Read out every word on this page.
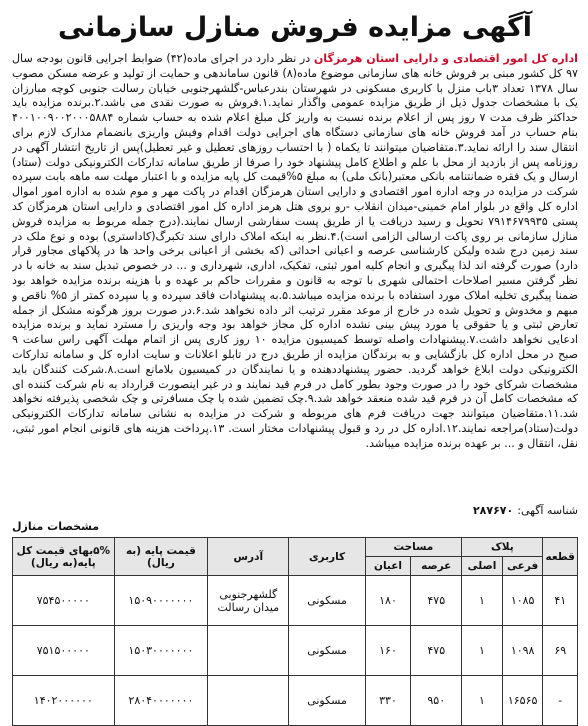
آگهی مزایده فروش منازل سازمانی

اداره کل امور اقتصادی و دارایی استان هرمزگان در نظر دارد در اجرای ماده(۴۲) ضوابط اجرایی قانون بودجه سال ۹۷ کل کشور مبنی بر فروش خانه های سازمانی موضوع ماده(۸) قانون ساماندهی و حمایت از تولید و عرضه مسکن مصوب سال ۱۳۷۸ تعداد ۳باب منزل با کاربری مسکونی در شهرستان بندرعباس-گلشهرجنوبی خیابان رسالت جنوبی کوچه مبارزان یک با مشخصات جدول ذیل از طریق مزایده عمومی واگذار نماید.۱.فروش به صورت نقدی می باشد.۲.برنده مزایده باید حداکثر ظرف مدت ۷ روز پس از اعلام برنده نسبت به واریز کل مبلغ اعلام شده به حساب شماره ۴۰۰۱۰۰۹۰۰۲۰۰۰۵۸۸۴ بنام حساب در آمد فروش خانه های سازمانی دستگاه های اجرایی دولت اقدام وفیش واریزی بانضمام مدارک لازم برای انتقال سند را ارائه نماید.۳.متقاضیان میتوانند تا یکماه ( با احتساب روزهای تعطیل و غیر تعطیل)پس از تاریخ انتشار آگهی در روزنامه پس از بازدید از محل با علم و اطلاع کامل پیشنهاد خود را صرفا از طریق سامانه تدارکات الکترونیکی دولت (ستاد) ارسال و یک فقره ضمانتنامه بانکی معتبر(بانک ملی) به مبلغ ۵%قیمت کل پایه مزایده و با اعتبار مهلت سه ماهه بابت سپرده شرکت در مزایده در وجه اداره امور اقتصادی و دارایی استان هرمزگان اقدام در پاکت مهر و موم شده به اداره امور اموال اداره کل واقع در بلوار امام خمینی-میدان انقلاب -رو بروی هتل هرمز اداره کل امور اقتصادی و دارایی استان هرمزگان کد پستی ۷۹۱۴۶۷۹۹۳۵ تحویل و رسید دریافت یا از طریق پست سفارشی ارسال نمایند.(درج جمله مربوط به مزایده فروش منازل سازمانی بر روی پاکت ارسالی الزامی است).۴.نظر به اینکه املاک دارای سند تکبرگ(کاداستری) بوده و نوع ملک در سند زمین درج شده ولیکن کارشناسی عرصه و اعیانی احداثی (که بخشی از اعیانی برخی واحد ها در پلاکهای مجاور قرار دارد) صورت گرفته اند لذا پیگیری و انجام کلیه امور ثبتی، تفکیک، اداری، شهرداری و ... در خصوص تبدیل سند به خانه با در نظر گرفتن مسیر اصلاحات احتمالی شهری با توجه به قانون و مقررات حاکم بر عهده و با هزینه برنده مزایده خواهد بود ضمنا پیگیری تخلیه املاک مورد استفاده با برنده مزایده میباشد.۵.به پیشنهادات فاقد سپرده و یا سپرده کمتر از ۵% ناقص و مبهم و مخدوش و تحویل شده در خارج از موعد مقرر ترتیب اثر داده نخواهد شد.۶.در صورت بروز هرگونه مشکل از جمله تعارض ثبتی و یا حقوقی یا مورد پیش بینی نشده اداره کل مجاز خواهد بود وجه واریزی را مسترد نماید و برنده مزایده ادعایی نخواهد داشت.۷.پیشنهادات واصله توسط کمیسیون مزایده ۱۰ روز کاری پس از اتمام مهلت آگهی راس ساعت ۹ صبح در محل اداره کل بازگشایی و به برندگان مزایده از طریق درج در تابلو اعلانات و سایت اداره کل و سامانه تدارکات الکترونیکی دولت ابلاغ خواهد گردید. حضور پیشنهاددهنده و یا نمایندگان در کمیسیون بلامانع است.۸.شرکت کنندگان باید مشخصات شرکای خود را در صورت وجود بطور کامل در فرم قید نمایند و در غیر اینصورت قرارداد به نام شرکت کننده ای که مشخصات کامل آن در فرم قید شده منعقد خواهد شد.۹.چک تضمین شده یا چک مسافرتی و چک شخصی پذیرفته نخواهد شد.۱۱.متقاضیان میتوانند جهت دریافت فرم های مربوطه و شرکت در مزایده به نشانی سامانه تدارکات الکترونیکی دولت(ستاد)مراجعه نمایند.۱۲.اداره کل در رد و قبول پیشنهادات مختار است. ۱۳.پرداخت هزینه های قانونی انجام امور ثبتی، نقل، انتقال و ... بر عهده برنده مزایده میباشد.

شناسه آگهی:۲۸۷۶۷۰
مشخصات منازل
قطعه	پلاک		مساحت		کاربری	آدرس	قیمت پایه (به ریال)	۵%بهای قیمت کل پایه(به ریال)
	فرعی	اصلی	عرصه	اعیان				
۴۱	۱۰۸۵	۱	۴۷۵	۱۸۰	مسکونی	گلشهرجنوبی میدان رسالت	۱۵۰۹۰۰۰۰۰۰۰	۷۵۴۵۰۰۰۰۰
۶۹	۱۰۹۸	۱	۴۷۵	۱۶۰	مسکونی		۱۵۰۳۰۰۰۰۰۰۰	۷۵۱۵۰۰۰۰۰
-	۱۶۵۶۵	۱	۹۵۰	۳۳۰	مسکونی		۲۸۰۴۰۰۰۰۰۰۰	۱۴۰۲۰۰۰۰۰۰
